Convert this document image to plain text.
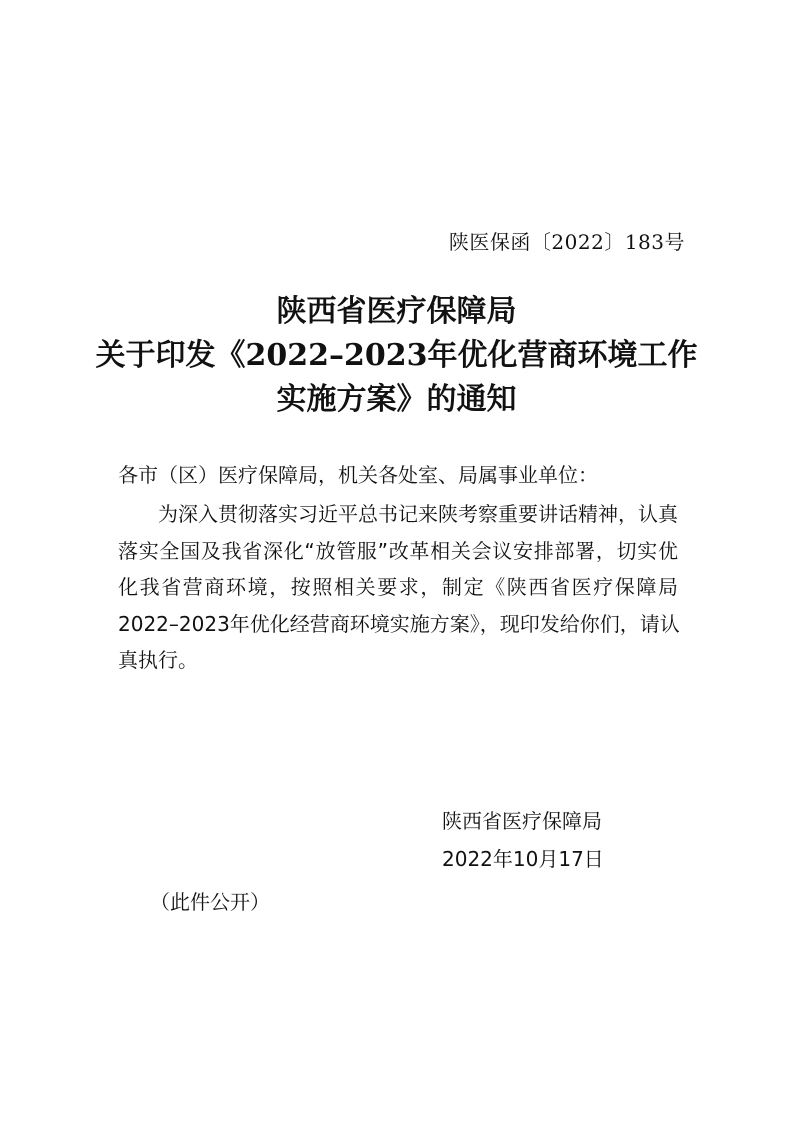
陕医保函〔2022〕183号
陕西省医疗保障局
关于印发《2022–2023年优化营商环境工作
实施方案》的通知
各市（区）医疗保障局，机关各处室、局属事业单位：
为深入贯彻落实习近平总书记来陕考察重要讲话精神，认真
落实全国及我省深化“放管服”改革相关会议安排部署，切实优
化我省营商环境，按照相关要求，制定《陕西省医疗保障局
2022–2023年优化经营商环境实施方案》，现印发给你们，请认
真执行。
陕西省医疗保障局
2022年10月17日
（此件公开）
